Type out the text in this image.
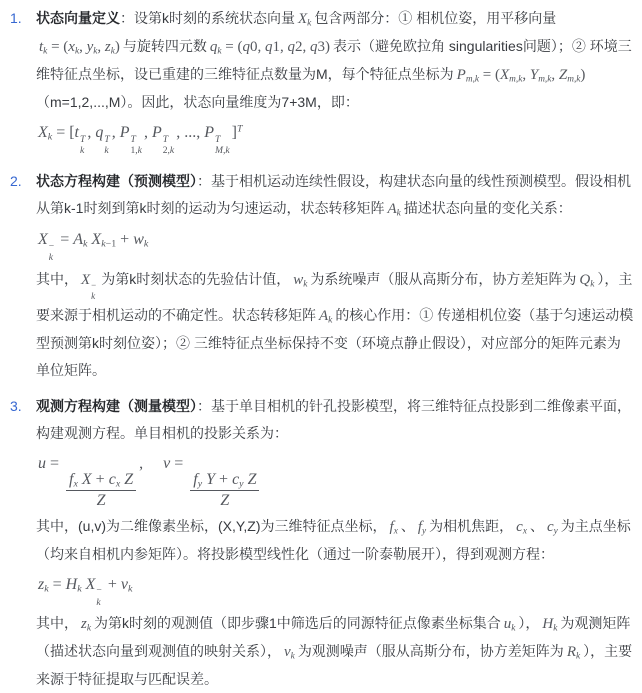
1.	状态向量定义：设第k时刻的系统状态向量 $X_k$ 包含两部分：① 相机位姿，用平移向量$t_k = (x_k$, $y_k$, $z_k$) 与旋转四元数 $q_k = (q0$, q1, q2, q3) 表示（避免欧拉角 singularities问题）；② 环境三维特征点坐标，设已重建的三维特征点数量为M，每个特征点坐标为 $P_{m,k} = (X_{m,k}$, $Y_{m,k}$, $Z_{m,k})(m=1,2,...,M)$。因此，状态向量维度为7+3M，即：

$X_k = [t$ T
k
, q T
k
, P T
1,k
, P T
2,k
, ..., P T
M,k
]$^T$
2.	状态方程构建（预测模型）：基于相机运动连续性假设，构建状态向量的线性预测模型。假设相机从第k-1时刻到第k时刻的运动为匀速运动，状态转移矩阵 $A_k$ 描述状态向量的变化关系：

X −
k
= $A_k$ $X_{k-1} + w_k$

其中， X −
k
为第k时刻状态的先验估计值， $w_k$ 为系统噪声（服从高斯分布，协方差矩阵为 $Q_k$ ），主要来源于相机运动的不确定性。状态转移矩阵 $A_k$ 的核心作用：① 传递相机位姿（基于匀速运动模型预测第k时刻位姿）；② 三维特征点坐标保持不变（环境点静止假设），对应部分的矩阵元素为单位矩阵。

3.	观测方程构建（测量模型）：基于单目相机的针孔投影模型，将三维特征点投影到二维像素平面，构建观测方程。单目相机的投影关系为：

u =
$\frac{f_x X + c_x Z}{Z}$
,  v =
$\frac{f_y Y + c_y Z}{Z}$

其中，(u,v)为二维像素坐标，(X,Y,Z)为三维特征点坐标， $f_x$ 、 $f_y$ 为相机焦距， $c_x$ 、 $c_y$ 为主点坐标（均来自相机内参矩阵）。将投影模型线性化（通过一阶泰勒展开），得到观测方程：

$z_k = H_k$ X −
k
+ $v_k$

其中， $z_k$ 为第k时刻的观测值（即步骤1中筛选后的同源特征点像素坐标集合 $u_k$ ）， $H_k$ 为观测矩阵（描述状态向量到观测值的映射关系）， $v_k$ 为观测噪声（服从高斯分布，协方差矩阵为 $R_k$ ），主要来源于特征提取与匹配误差。
